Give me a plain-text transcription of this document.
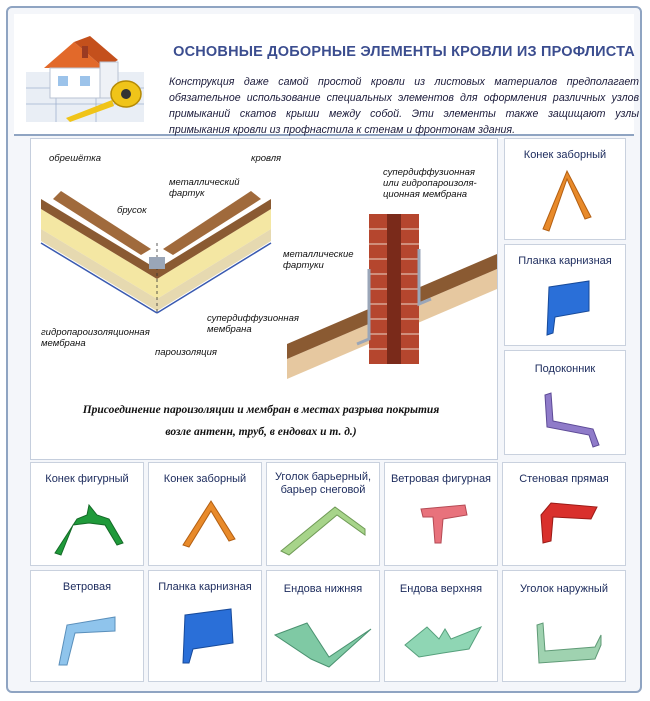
ОСНОВНЫЕ ДОБОРНЫЕ ЭЛЕМЕНТЫ КРОВЛИ ИЗ ПРОФЛИСТА
Конструкция даже самой простой кровли из листовых материалов предполагает обязательное использование специальных элементов для оформления различных узлов примыканий скатов крыши между собой. Эти элементы также защищают узлы примыкания кровли из профнастила к стенам и фронтонам здания.
обрешётка
металлический фартук
кровля
брусок
гидропароизоляционная мембрана
пароизоляция
супердиффузионная мембрана
супердиффузионная или гидропароизоля-ционная мембрана
металлические фартуки
Присоединение пароизоляции и мембран в местах разрыва покрытия возле антенн, труб, в ендовах и т. д.)
Конек заборный
Планка карнизная
Подоконник
Конек фигурный	Конек заборный	Уголок барьерный, барьер снеговой
Ветровая фигурная	Стеновая прямая
Ветровая	Планка карнизная	Ендова нижняя	Ендова верхняя	Уголок наружный
